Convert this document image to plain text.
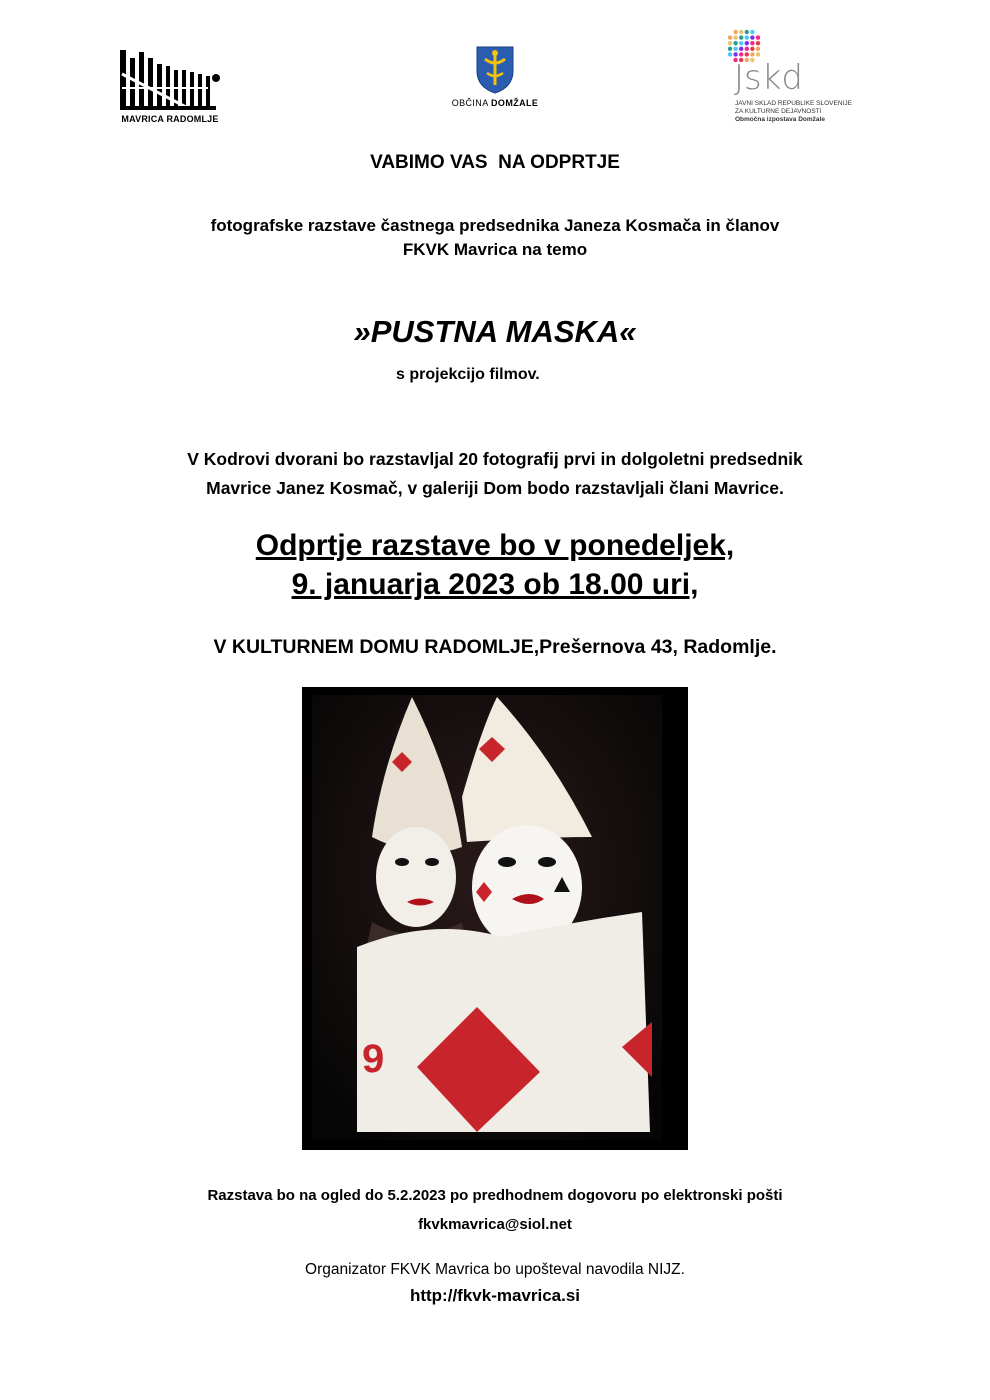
MAVRICA RADOMLJE
OBČINA DOMŽALE
Jskd
JAVNI SKLAD REPUBLIKE SLOVENIJE
ZA KULTURNE DEJAVNOSTI
Območna izpostava Domžale
VABIMO VAS  NA ODPRTJE
fotografske razstave častnega predsednika Janeza Kosmača in članov
FKVK Mavrica na temo
»PUSTNA MASKA«
s projekcijo filmov.
V Kodrovi dvorani bo razstavljal 20 fotografij prvi in dolgoletni predsednik
Mavrice Janez Kosmač, v galeriji Dom bodo razstavljali člani Mavrice.
Odprtje razstave bo v ponedeljek,
9. januarja 2023 ob 18.00 uri,
V KULTURNEM DOMU RADOMLJE,Prešernova 43, Radomlje.
9
Razstava bo na ogled do 5.2.2023 po predhodnem dogovoru po elektronski pošti
fkvkmavrica@siol.net
Organizator FKVK Mavrica bo upošteval navodila NIJZ.
http://fkvk-mavrica.si
